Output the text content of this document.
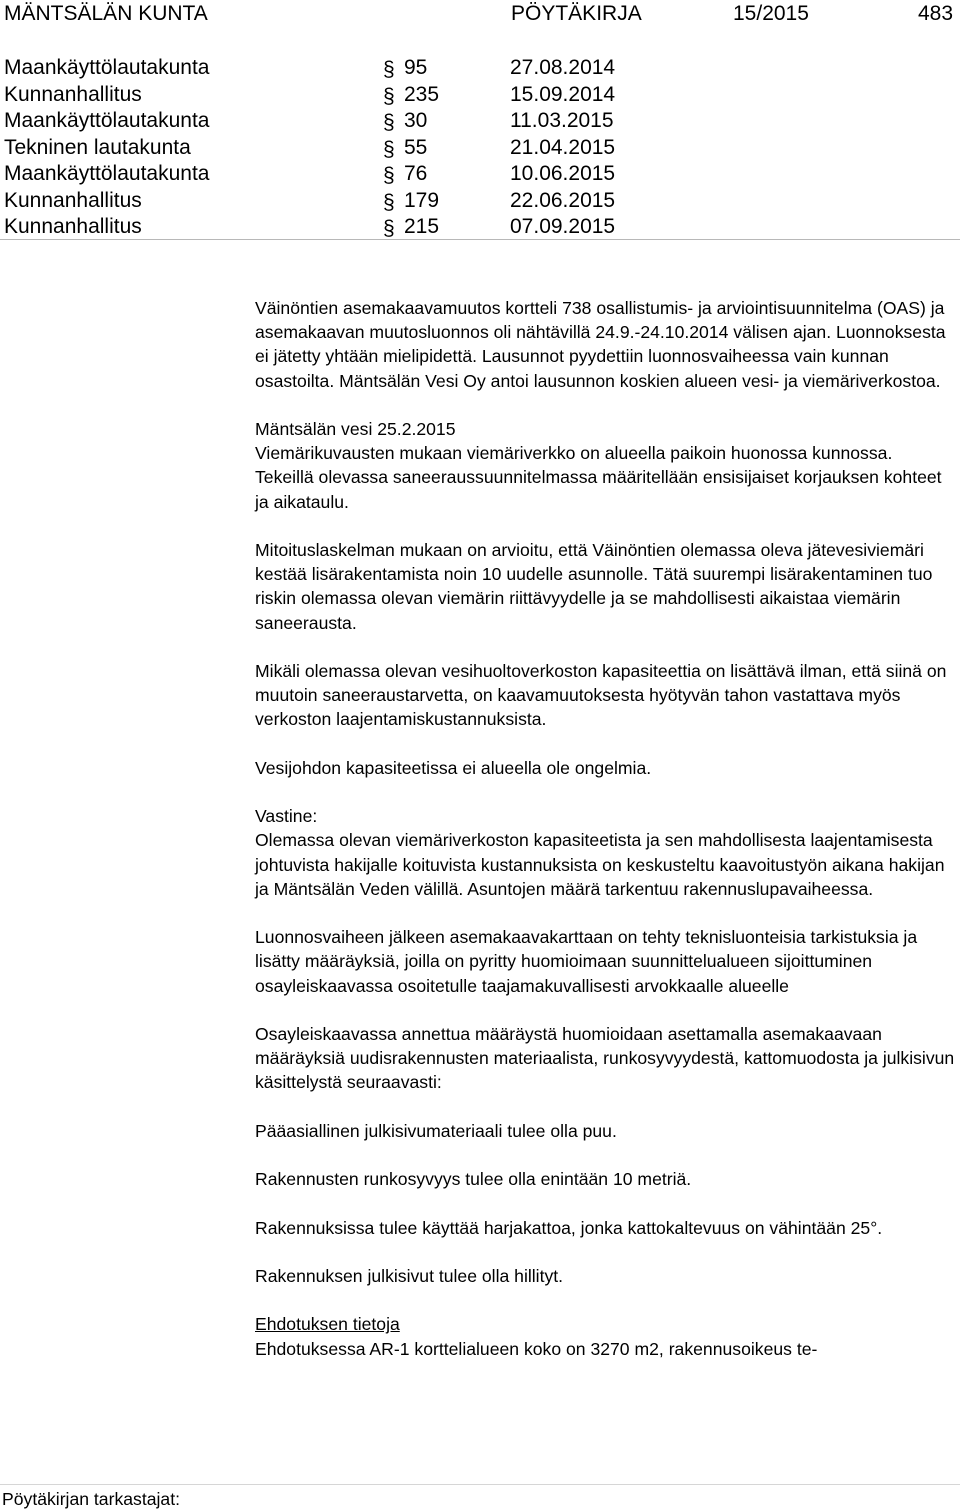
MÄNTSÄLÄN KUNTA	PÖYTÄKIRJA	15/2015	483
Maankäyttölautakunta	§ 95	27.08.2014
Kunnanhallitus	§ 235	15.09.2014
Maankäyttölautakunta	§ 30	11.03.2015
Tekninen lautakunta	§ 55	21.04.2015
Maankäyttölautakunta	§ 76	10.06.2015
Kunnanhallitus	§ 179	22.06.2015
Kunnanhallitus	§ 215	07.09.2015

Väinöntien asemakaavamuutos kortteli 738 osallistumis- ja arviointisuunnitelma (OAS) ja asemakaavan muutosluonnos oli nähtävillä 24.9.-24.10.2014 välisen ajan. Luonnoksesta ei jätetty yhtään mielipidettä. Lausunnot pyydettiin luonnosvaiheessa vain kunnan osastoilta. Mäntsälän Vesi Oy antoi lausunnon koskien alueen vesi- ja viemäriverkostoa.

Mäntsälän vesi 25.2.2015

Viemärikuvausten mukaan viemäriverkko on alueella paikoin huonossa kunnossa. Tekeillä olevassa saneeraussuunnitelmassa määritellään ensisijaiset korjauksen kohteet ja aikataulu.

Mitoituslaskelman mukaan on arvioitu, että Väinöntien olemassa oleva jätevesiviemäri kestää lisärakentamista noin 10 uudelle asunnolle. Tätä suurempi lisärakentaminen tuo riskin olemassa olevan viemärin riittävyydelle ja se mahdollisesti aikaistaa viemärin saneerausta.

Mikäli olemassa olevan vesihuoltoverkoston kapasiteettia on lisättävä ilman, että siinä on muutoin saneeraustarvetta, on kaavamuutoksesta hyötyvän tahon vastattava myös verkoston laajentamiskustannuksista.

Vesijohdon kapasiteetissa ei alueella ole ongelmia.

Vastine:

Olemassa olevan viemäriverkoston kapasiteetista ja sen mahdollisesta laajentamisesta johtuvista hakijalle koituvista kustannuksista on keskusteltu kaavoitustyön aikana hakijan ja Mäntsälän Veden välillä. Asuntojen määrä tarkentuu rakennuslupavaiheessa.

Luonnosvaiheen jälkeen asemakaavakarttaan on tehty teknisluonteisia tarkistuksia ja lisätty määräyksiä, joilla on pyritty huomioimaan suunnittelualueen sijoittuminen osayleiskaavassa osoitetulle taajamakuvallisesti arvokkaalle alueelle

Osayleiskaavassa annettua määräystä huomioidaan asettamalla asemakaavaan määräyksiä uudisrakennusten materiaalista, runkosyvyydestä, kattomuodosta ja julkisivun käsittelystä seuraavasti:

Pääasiallinen julkisivumateriaali tulee olla puu.

Rakennusten runkosyvyys tulee olla enintään 10 metriä.

Rakennuksissa tulee käyttää harjakattoa, jonka kattokaltevuus on vähintään 25°.

Rakennuksen julkisivut tulee olla hillityt.

Ehdotuksen tietoja

Ehdotuksessa AR-1 korttelialueen koko on 3270 m2, rakennusoikeus te-

Pöytäkirjan tarkastajat:
